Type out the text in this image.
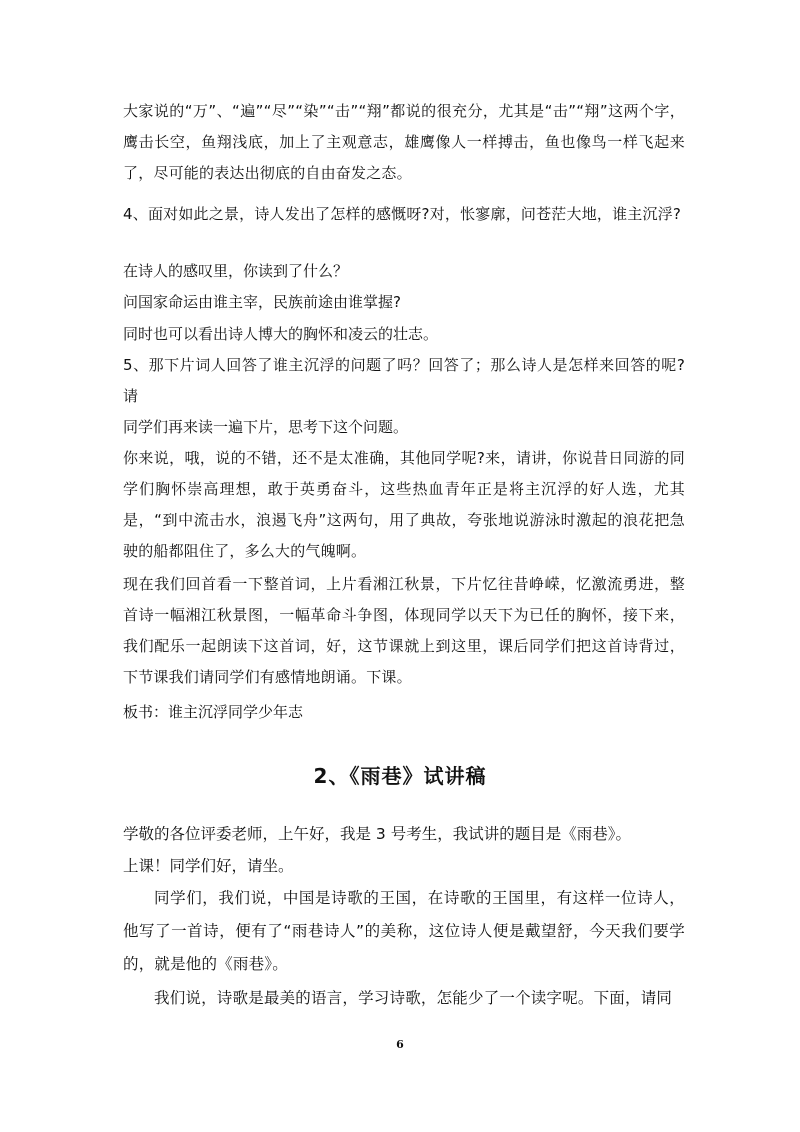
大家说的“万”、“遍”“尽”“染”“击”“翔”都说的很充分，尤其是“击”“翔”这两个字，鹰击长空，鱼翔浅底，加上了主观意志，雄鹰像人一样搏击，鱼也像鸟一样飞起来了，尽可能的表达出彻底的自由奋发之态。
4、面对如此之景，诗人发出了怎样的感慨呀?对，怅寥廓，问苍茫大地，谁主沉浮?
在诗人的感叹里，你读到了什么？
问国家命运由谁主宰，民族前途由谁掌握?
同时也可以看出诗人博大的胸怀和凌云的壮志。
5、那下片词人回答了谁主沉浮的问题了吗？回答了；那么诗人是怎样来回答的呢?请
同学们再来读一遍下片，思考下这个问题。
你来说，哦，说的不错，还不是太准确，其他同学呢?来，请讲，你说昔日同游的同学们胸怀崇高理想，敢于英勇奋斗，这些热血青年正是将主沉浮的好人选，尤其是，“到中流击水，浪遏飞舟”这两句，用了典故，夸张地说游泳时激起的浪花把急驶的船都阻住了，多么大的气魄啊。
现在我们回首看一下整首词，上片看湘江秋景，下片忆往昔峥嵘，忆激流勇进，整首诗一幅湘江秋景图，一幅革命斗争图，体现同学以天下为已任的胸怀，接下来，我们配乐一起朗读下这首词，好，这节课就上到这里，课后同学们把这首诗背过，下节课我们请同学们有感情地朗诵。下课。
板书：谁主沉浮同学少年志
2、《雨巷》试讲稿
学敬的各位评委老师，上午好，我是 3 号考生，我试讲的题目是《雨巷》。
上课！同学们好，请坐。
同学们，我们说，中国是诗歌的王国，在诗歌的王国里，有这样一位诗人，他写了一首诗，便有了“雨巷诗人”的美称，这位诗人便是戴望舒，今天我们要学的，就是他的《雨巷》。
我们说，诗歌是最美的语言，学习诗歌，怎能少了一个读字呢。下面，请同
6
